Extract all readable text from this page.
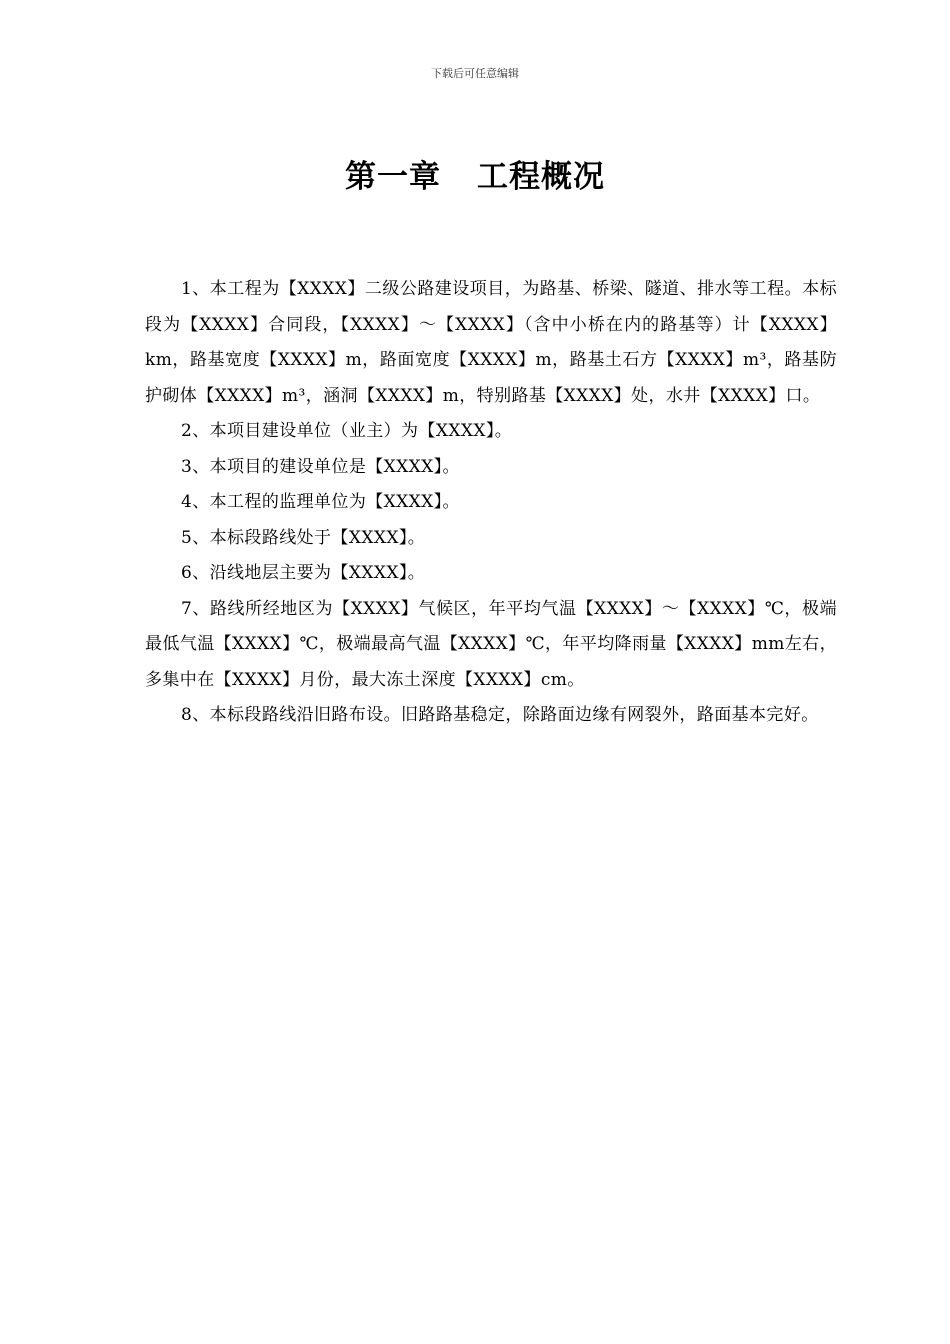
下载后可任意编辑
第一章 工程概况

1、本工程为【XXXX】二级公路建设项目，为路基、桥梁、隧道、排水等工程。本标段为【XXXX】合同段，【XXXX】～【XXXX】（含中小桥在内的路基等）计【XXXX】km，路基宽度【XXXX】m，路面宽度【XXXX】m，路基土石方【XXXX】m³，路基防护砌体【XXXX】m³，涵洞【XXXX】m，特别路基【XXXX】处，水井【XXXX】口。

2、本项目建设单位（业主）为【XXXX】。

3、本项目的建设单位是【XXXX】。

4、本工程的监理单位为【XXXX】。

5、本标段路线处于【XXXX】。

6、沿线地层主要为【XXXX】。

7、路线所经地区为【XXXX】气候区，年平均气温【XXXX】～【XXXX】℃，极端最低气温【XXXX】℃，极端最高气温【XXXX】℃，年平均降雨量【XXXX】mm左右，多集中在【XXXX】月份，最大冻土深度【XXXX】cm。

8、本标段路线沿旧路布设。旧路路基稳定，除路面边缘有网裂外，路面基本完好。
